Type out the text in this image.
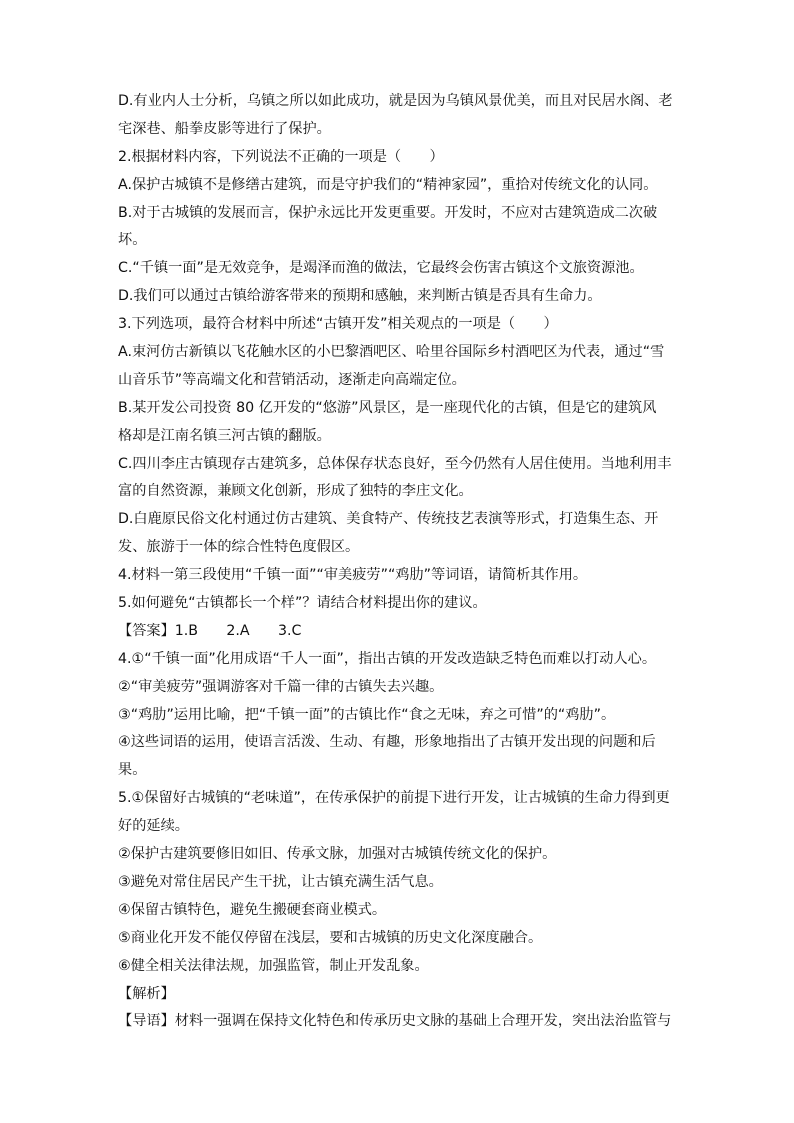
D.有业内人士分析，乌镇之所以如此成功，就是因为乌镇风景优美，而且对民居水阁、老
宅深巷、船拳皮影等进行了保护。
2.根据材料内容，下列说法不正确的一项是（　　）
A.保护古城镇不是修缮古建筑，而是守护我们的“精神家园”，重拾对传统文化的认同。
B.对于古城镇的发展而言，保护永远比开发更重要。开发时，不应对古建筑造成二次破
坏。
C.“千镇一面”是无效竞争，是竭泽而渔的做法，它最终会伤害古镇这个文旅资源池。
D.我们可以通过古镇给游客带来的预期和感触，来判断古镇是否具有生命力。
3.下列选项，最符合材料中所述“古镇开发”相关观点的一项是（　　）
A.束河仿古新镇以飞花触水区的小巴黎酒吧区、哈里谷国际乡村酒吧区为代表，通过“雪
山音乐节”等高端文化和营销活动，逐渐走向高端定位。
B.某开发公司投资 80 亿开发的“悠游”风景区，是一座现代化的古镇，但是它的建筑风
格却是江南名镇三河古镇的翻版。
C.四川李庄古镇现存古建筑多，总体保存状态良好，至今仍然有人居住使用。当地利用丰
富的自然资源，兼顾文化创新，形成了独特的李庄文化。
D.白鹿原民俗文化村通过仿古建筑、美食特产、传统技艺表演等形式，打造集生态、开
发、旅游于一体的综合性特色度假区。
4.材料一第三段使用“千镇一面”“审美疲劳”“鸡肋”等词语，请简析其作用。
5.如何避免“古镇都长一个样”？请结合材料提出你的建议。
【答案】1.B　　2.A　　3.C
4.①“千镇一面”化用成语“千人一面”，指出古镇的开发改造缺乏特色而难以打动人心。
②“审美疲劳”强调游客对千篇一律的古镇失去兴趣。
③“鸡肋”运用比喻，把“千镇一面”的古镇比作“食之无味，弃之可惜”的“鸡肋”。
④这些词语的运用，使语言活泼、生动、有趣，形象地指出了古镇开发出现的问题和后
果。
5.①保留好古城镇的“老味道”，在传承保护的前提下进行开发，让古城镇的生命力得到更
好的延续。
②保护古建筑要修旧如旧、传承文脉，加强对古城镇传统文化的保护。
③避免对常住居民产生干扰，让古镇充满生活气息。
④保留古镇特色，避免生搬硬套商业模式。
⑤商业化开发不能仅停留在浅层，要和古城镇的历史文化深度融合。
⑥健全相关法律法规，加强监管，制止开发乱象。
【解析】
【导语】材料一强调在保持文化特色和传承历史文脉的基础上合理开发，突出法治监管与
